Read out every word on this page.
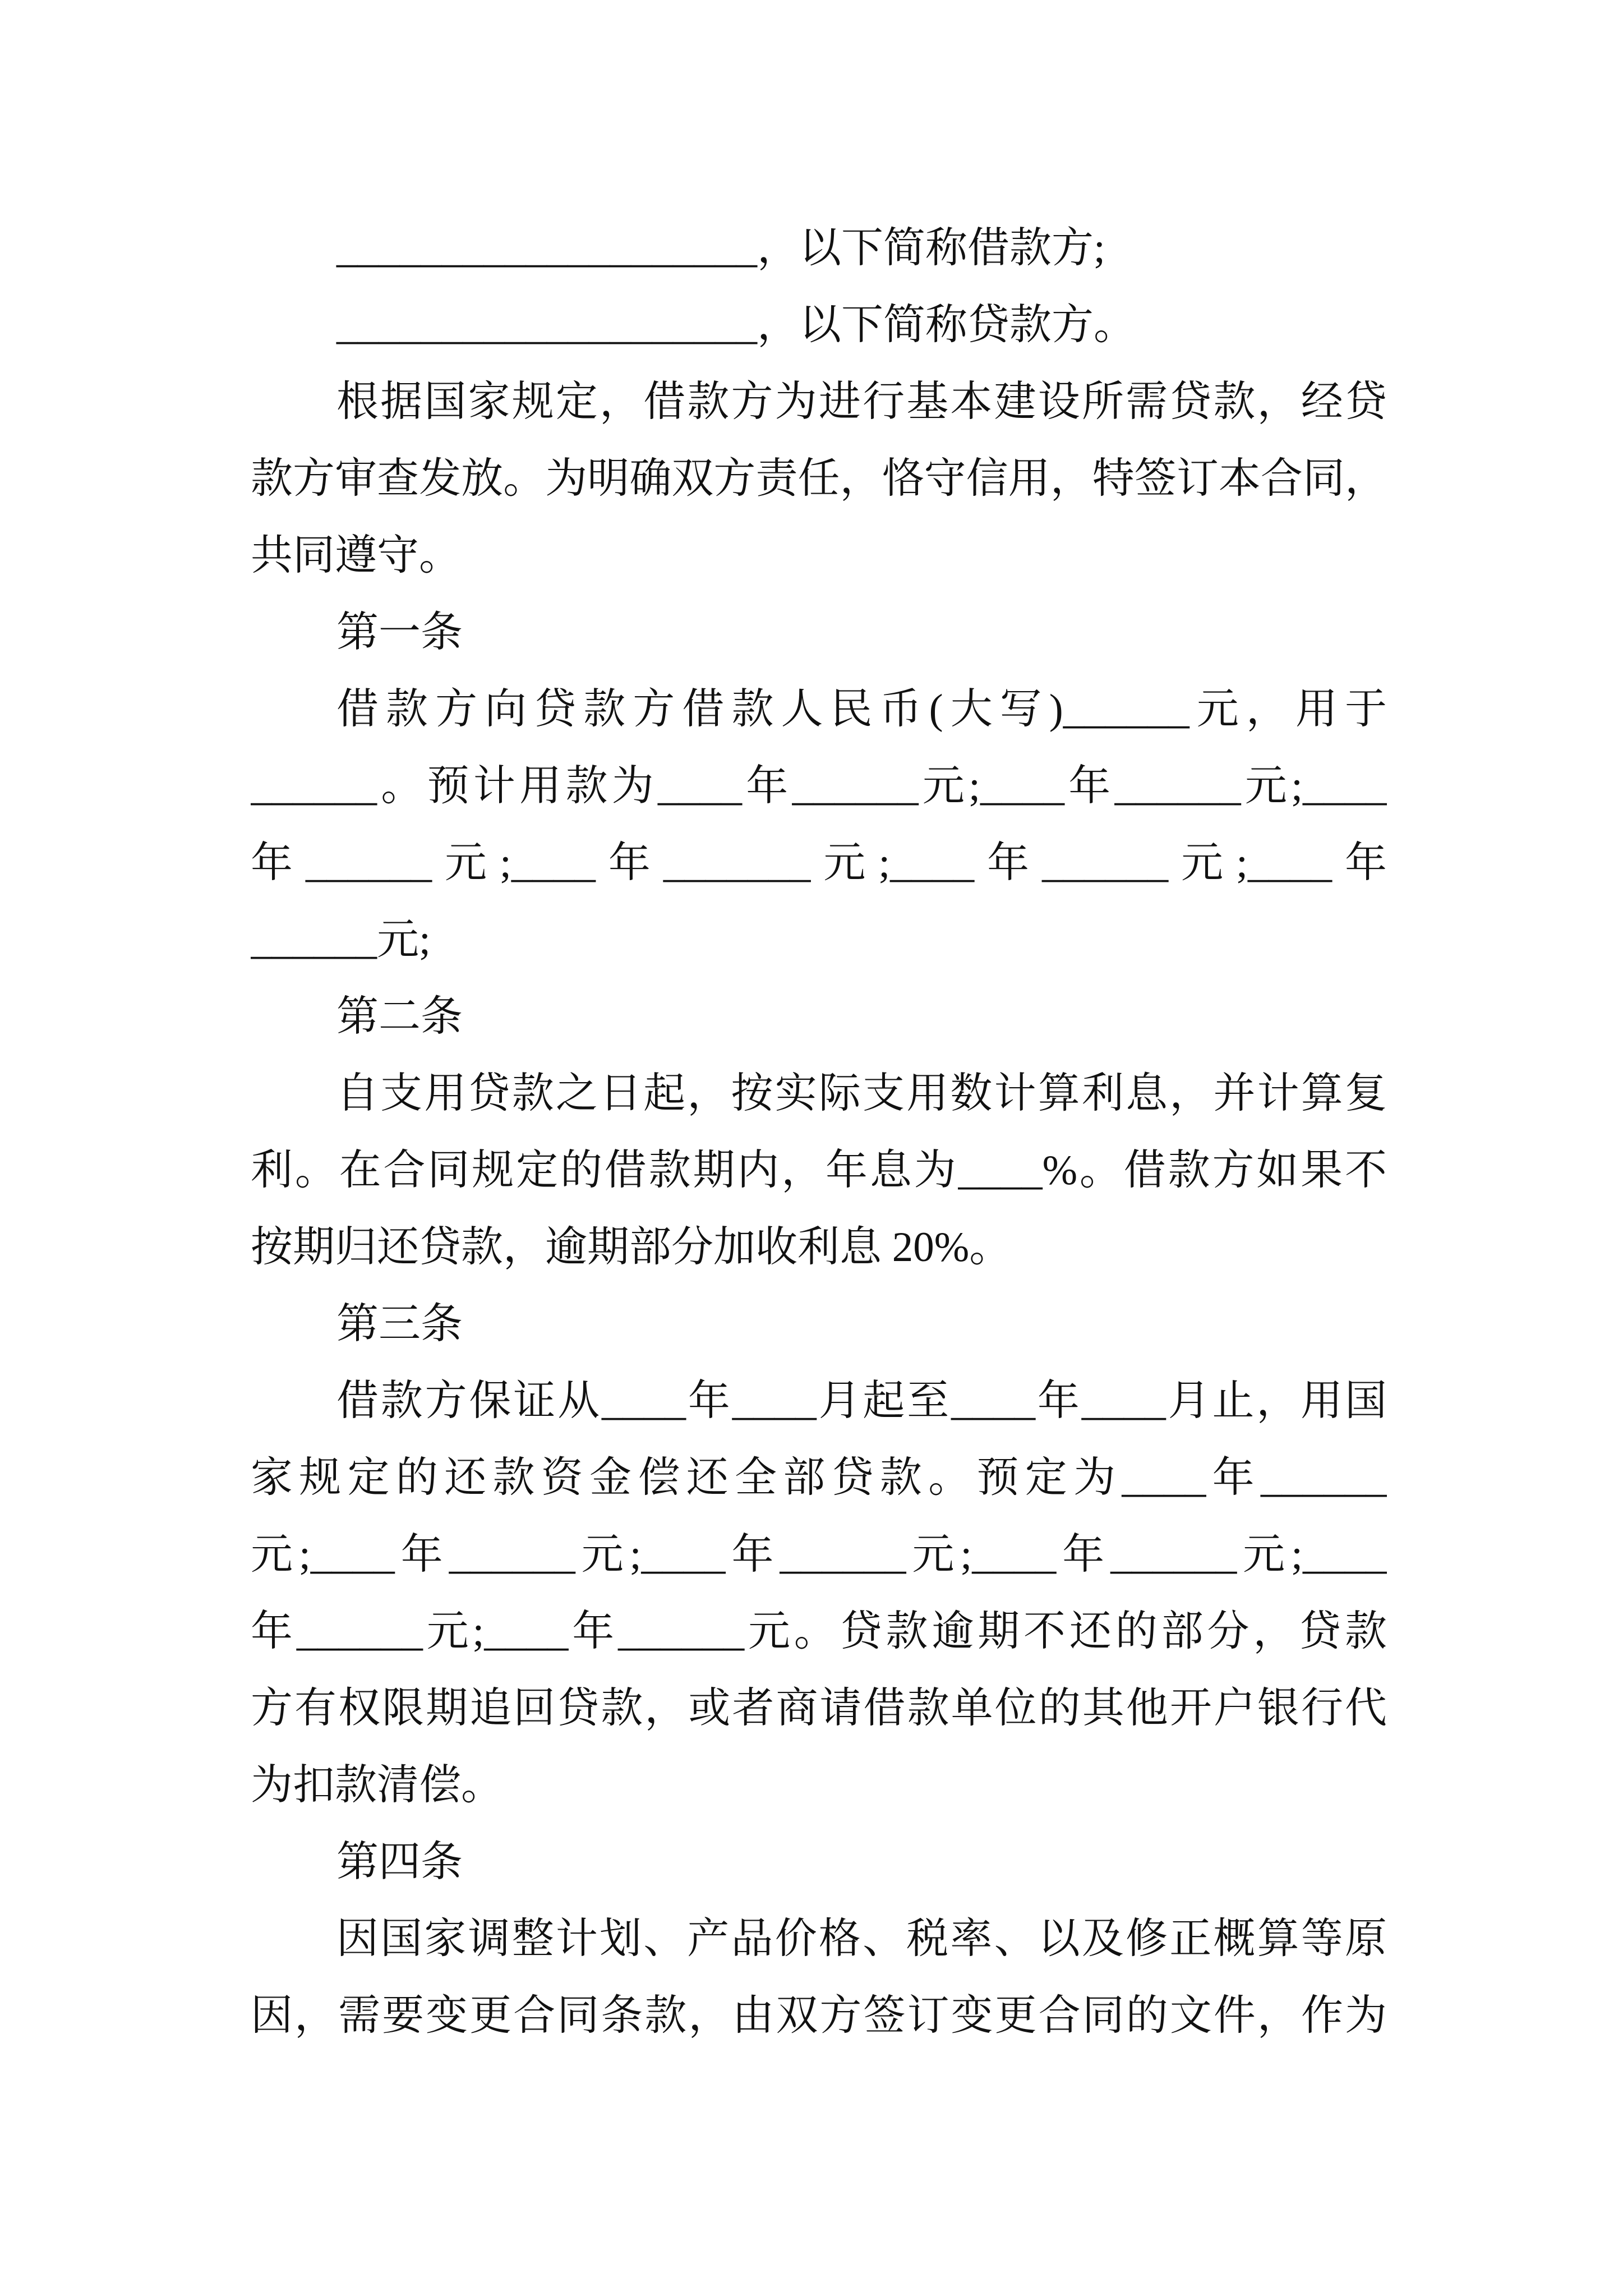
____________________，以下简称借款方;
____________________，以下简称贷款方。
根据国家规定，借款方为进行基本建设所需贷款，经贷
款方审查发放。为明确双方责任，恪守信用，特签订本合同，
共同遵守。
第一条
借款方向贷款方借款人民币(大写)______元，用于
______。预计用款为____年______元;____年______元;____
年______元;____年_______元;____年______元;____年
______元;
第二条
自支用贷款之日起，按实际支用数计算利息，并计算复
利。在合同规定的借款期内，年息为____%。借款方如果不
按期归还贷款，逾期部分加收利息 20%。
第三条
借款方保证从____年____月起至____年____月止，用国
家规定的还款资金偿还全部贷款。预定为____年______
元;____年______元;____年______元;____年______元;____
年______元;____年______元。贷款逾期不还的部分，贷款
方有权限期追回贷款，或者商请借款单位的其他开户银行代
为扣款清偿。
第四条
因国家调整计划、产品价格、税率、以及修正概算等原
因，需要变更合同条款，由双方签订变更合同的文件，作为
